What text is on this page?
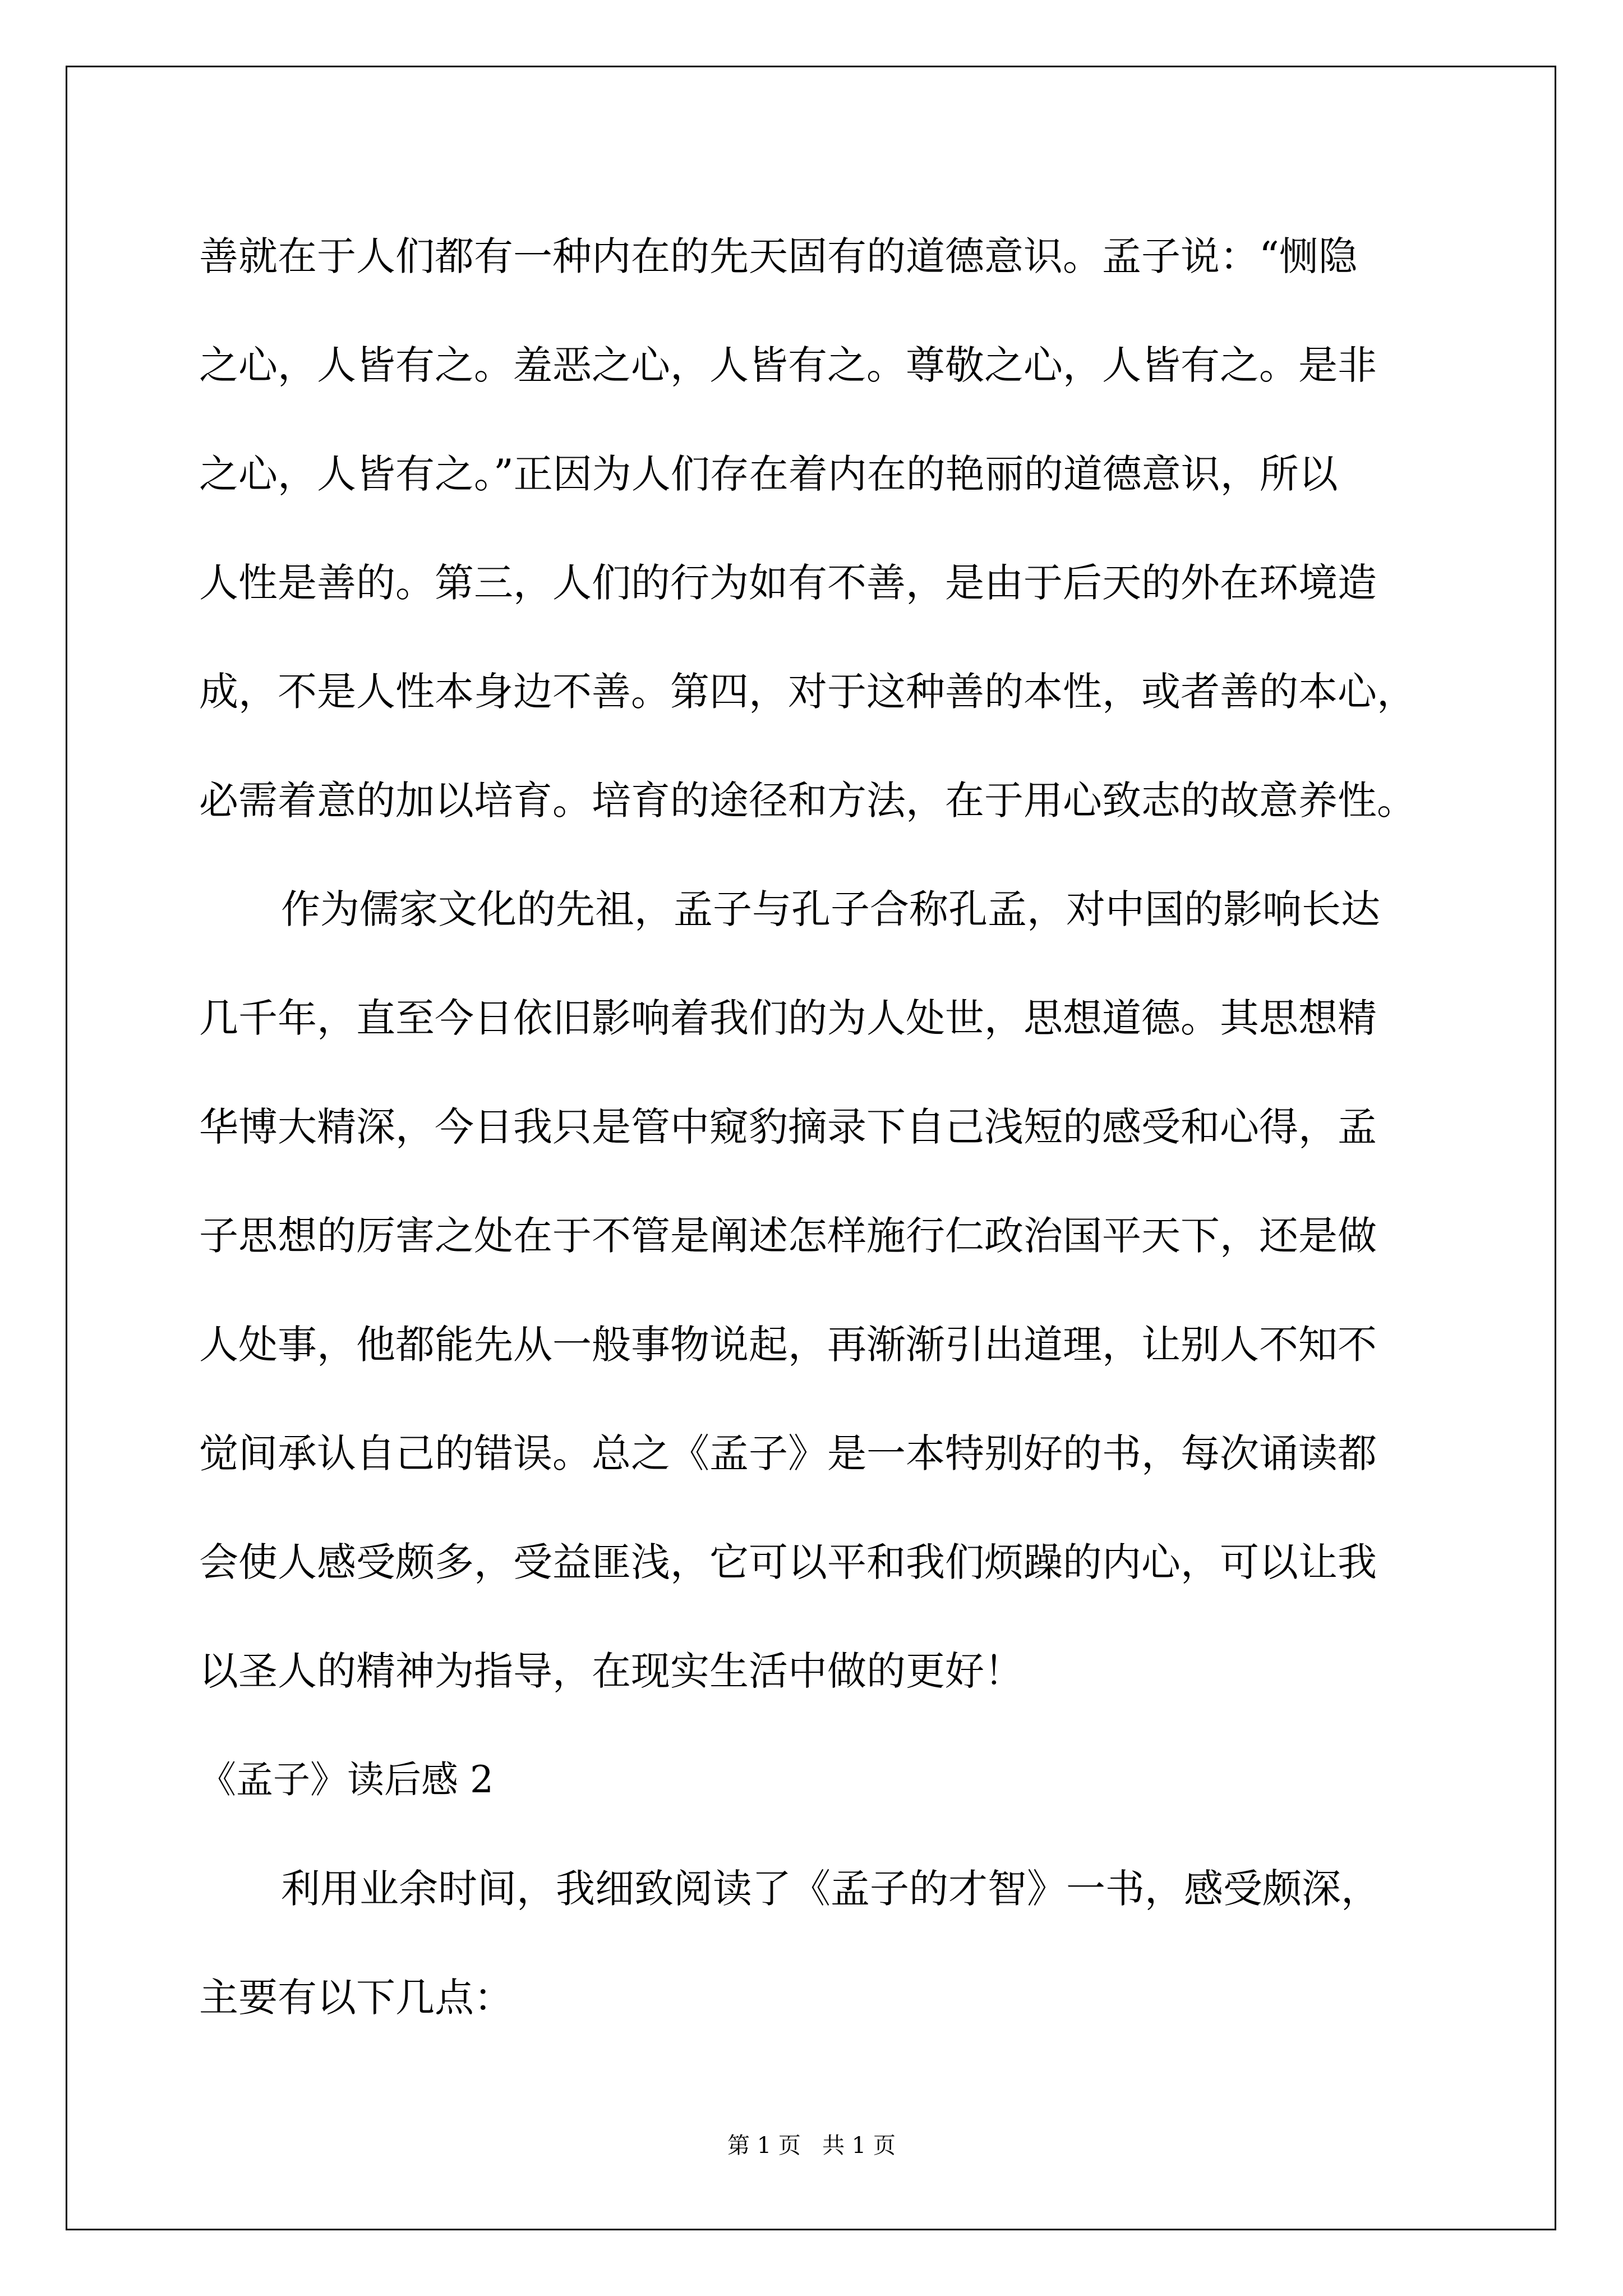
善就在于人们都有一种内在的先天固有的道德意识。孟子说：“恻隐
之心，人皆有之。羞恶之心，人皆有之。尊敬之心，人皆有之。是非
之心，人皆有之。”正因为人们存在着内在的艳丽的道德意识，所以
人性是善的。第三，人们的行为如有不善，是由于后天的外在环境造
成，不是人性本身边不善。第四，对于这种善的本性，或者善的本心，
必需着意的加以培育。培育的途径和方法，在于用心致志的故意养性。
作为儒家文化的先祖，孟子与孔子合称孔孟，对中国的影响长达
几千年，直至今日依旧影响着我们的为人处世，思想道德。其思想精
华博大精深，今日我只是管中窥豹摘录下自己浅短的感受和心得，孟
子思想的厉害之处在于不管是阐述怎样施行仁政治国平天下，还是做
人处事，他都能先从一般事物说起，再渐渐引出道理，让别人不知不
觉间承认自己的错误。总之《孟子》是一本特别好的书，每次诵读都
会使人感受颇多，受益匪浅，它可以平和我们烦躁的内心，可以让我
以圣人的精神为指导，在现实生活中做的更好！
《孟子》读后感 2
利用业余时间，我细致阅读了《孟子的才智》一书，感受颇深，
主要有以下几点：
第 1 页   共 1 页
